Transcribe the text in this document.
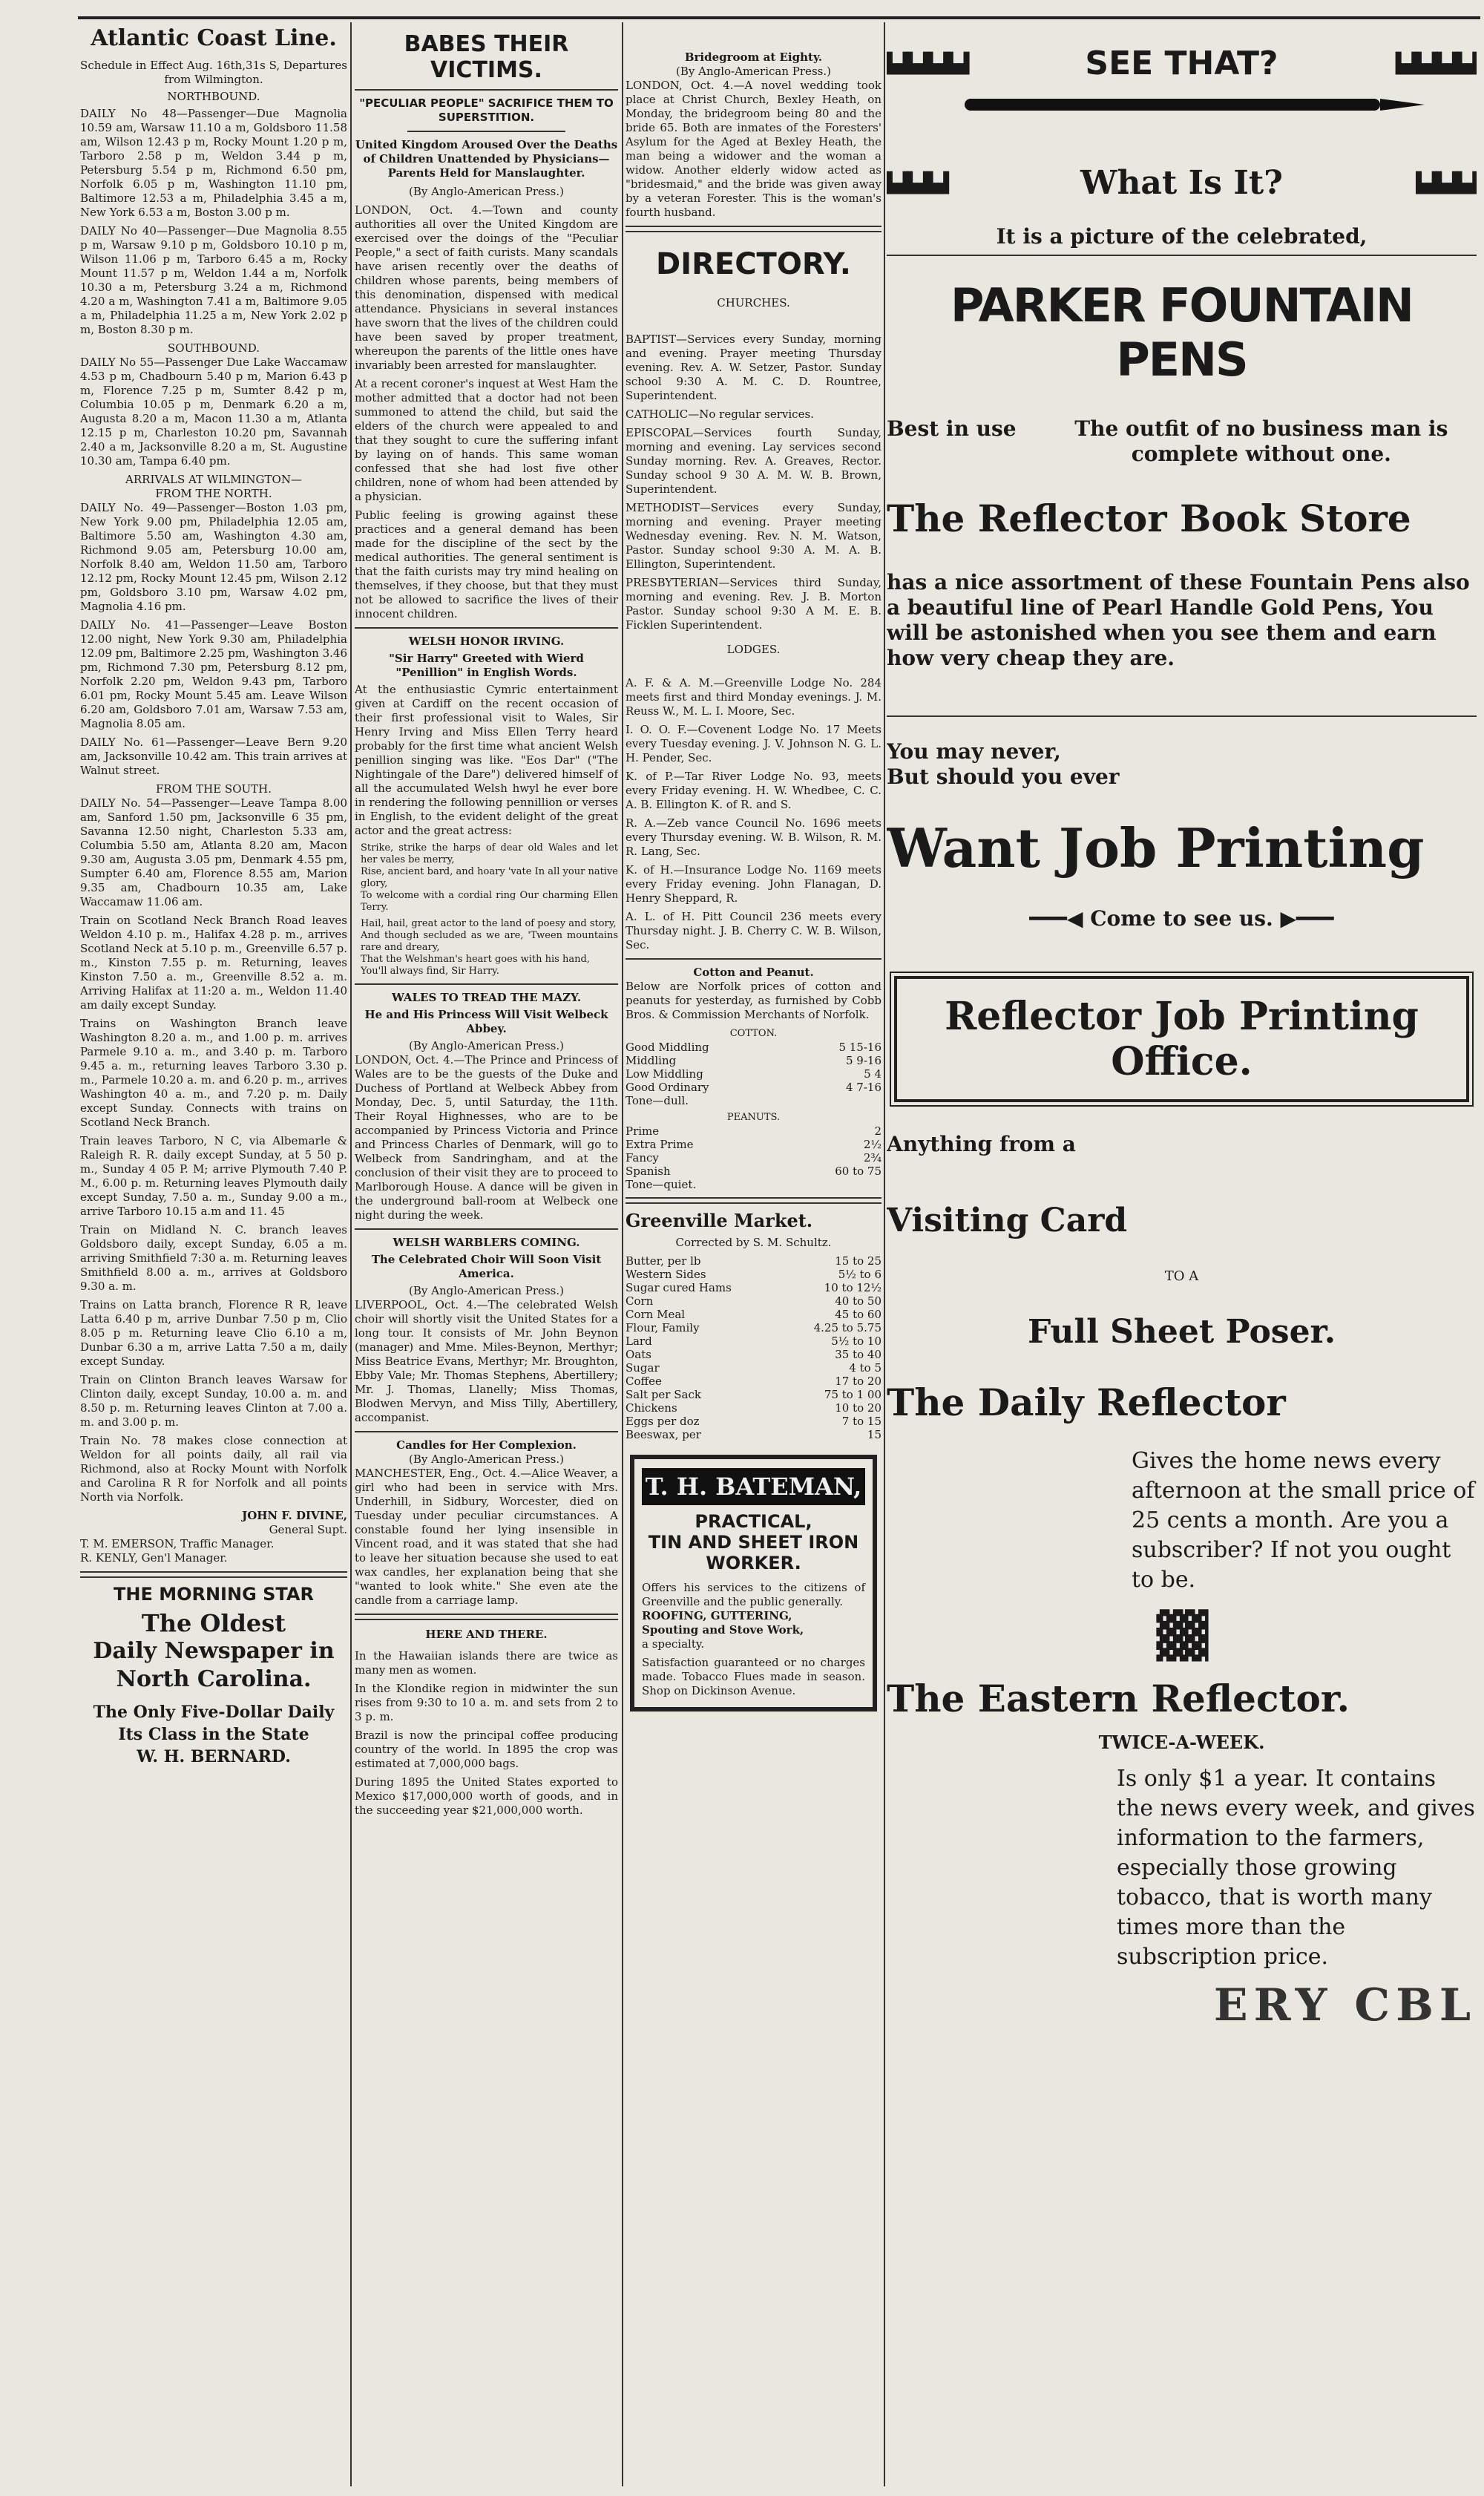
Atlantic Coast Line.
Schedule in Effect Aug. 16th,31s S, Departures from Wilmington.
NORTHBOUND.

DAILY No 48—Passenger—Due Magnolia 10.59 am, Warsaw 11.10 a m, Goldsboro 11.58 am, Wilson 12.43 p m, Rocky Mount 1.20 p m, Tarboro 2.58 p m, Weldon 3.44 p m, Petersburg 5.54 p m, Richmond 6.50 pm, Norfolk 6.05 p m, Washington 11.10 pm, Baltimore 12.53 a m, Philadelphia 3.45 a m, New York 6.53 a m, Boston 3.00 p m.

DAILY No 40—Passenger—Due Magnolia 8.55 p m, Warsaw 9.10 p m, Goldsboro 10.10 p m, Wilson 11.06 p m, Tarboro 6.45 a m, Rocky Mount 11.57 p m, Weldon 1.44 a m, Norfolk 10.30 a m, Petersburg 3.24 a m, Richmond 4.20 a m, Washington 7.41 a m, Baltimore 9.05 a m, Philadelphia 11.25 a m, New York 2.02 p m, Boston 8.30 p m.

SOUTHBOUND.

DAILY No 55—Passenger Due Lake Waccamaw 4.53 p m, Chadbourn 5.40 p m, Marion 6.43 p m, Florence 7.25 p m, Sumter 8.42 p m, Columbia 10.05 p m, Denmark 6.20 a m, Augusta 8.20 a m, Macon 11.30 a m, Atlanta 12.15 p m, Charleston 10.20 pm, Savannah 2.40 a m, Jacksonville 8.20 a m, St. Augustine 10.30 am, Tampa 6.40 pm.

ARRIVALS AT WILMINGTON—
FROM THE NORTH.

DAILY No. 49—Passenger—Boston 1.03 pm, New York 9.00 pm, Philadelphia 12.05 am, Baltimore 5.50 am, Washington 4.30 am, Richmond 9.05 am, Petersburg 10.00 am, Norfolk 8.40 am, Weldon 11.50 am, Tarboro 12.12 pm, Rocky Mount 12.45 pm, Wilson 2.12 pm, Goldsboro 3.10 pm, Warsaw 4.02 pm, Magnolia 4.16 pm.

DAILY No. 41—Passenger—Leave Boston 12.00 night, New York 9.30 am, Philadelphia 12.09 pm, Baltimore 2.25 pm, Washington 3.46 pm, Richmond 7.30 pm, Petersburg 8.12 pm, Norfolk 2.20 pm, Weldon 9.43 pm, Tarboro 6.01 pm, Rocky Mount 5.45 am. Leave Wilson 6.20 am, Goldsboro 7.01 am, Warsaw 7.53 am, Magnolia 8.05 am.

DAILY No. 61—Passenger—Leave Bern 9.20 am, Jacksonville 10.42 am. This train arrives at Walnut street.

FROM THE SOUTH.

DAILY No. 54—Passenger—Leave Tampa 8.00 am, Sanford 1.50 pm, Jacksonville 6 35 pm, Savanna 12.50 night, Charleston 5.33 am, Columbia 5.50 am, Atlanta 8.20 am, Macon 9.30 am, Augusta 3.05 pm, Denmark 4.55 pm, Sumpter 6.40 am, Florence 8.55 am, Marion 9.35 am, Chadbourn 10.35 am, Lake Waccamaw 11.06 am.

Train on Scotland Neck Branch Road leaves Weldon 4.10 p. m., Halifax 4.28 p. m., arrives Scotland Neck at 5.10 p. m., Greenville 6.57 p. m., Kinston 7.55 p. m. Returning, leaves Kinston 7.50 a. m., Greenville 8.52 a. m. Arriving Halifax at 11:20 a. m., Weldon 11.40 am daily except Sunday.

Trains on Washington Branch leave Washington 8.20 a. m., and 1.00 p. m. arrives Parmele 9.10 a. m., and 3.40 p. m. Tarboro 9.45 a. m., returning leaves Tarboro 3.30 p. m., Parmele 10.20 a. m. and 6.20 p. m., arrives Washington 40 a. m., and 7.20 p. m. Daily except Sunday. Connects with trains on Scotland Neck Branch.

Train leaves Tarboro, N C, via Albemarle & Raleigh R. R. daily except Sunday, at 5 50 p. m., Sunday 4 05 P. M; arrive Plymouth 7.40 P. M., 6.00 p. m. Returning leaves Plymouth daily except Sunday, 7.50 a. m., Sunday 9.00 a m., arrive Tarboro 10.15 a.m and 11. 45

Train on Midland N. C. branch leaves Goldsboro daily, except Sunday, 6.05 a m. arriving Smithfield 7:30 a. m. Returning leaves Smithfield 8.00 a. m., arrives at Goldsboro 9.30 a. m.

Trains on Latta branch, Florence R R, leave Latta 6.40 p m, arrive Dunbar 7.50 p m, Clio 8.05 p m. Returning leave Clio 6.10 a m, Dunbar 6.30 a m, arrive Latta 7.50 a m, daily except Sunday.

Train on Clinton Branch leaves Warsaw for Clinton daily, except Sunday, 10.00 a. m. and 8.50 p. m. Returning leaves Clinton at 7.00 a. m. and 3.00 p. m.

Train No. 78 makes close connection at Weldon for all points daily, all rail via Richmond, also at Rocky Mount with Norfolk and Carolina R R for Norfolk and all points North via Norfolk.

JOHN F. DIVINE,
General Supt.
T. M. EMERSON, Traffic Manager.
R. KENLY, Gen'l Manager.
THE MORNING STAR
The Oldest
Daily Newspaper in
North Carolina.
The Only Five-Dollar Daily
Its Class in the State
W. H. BERNARD.
BABES THEIR VICTIMS.
"PECULIAR PEOPLE" SACRIFICE THEM TO SUPERSTITION.
United Kingdom Aroused Over the Deaths of Children Unattended by Physicians—Parents Held for Manslaughter.
(By Anglo-American Press.)

LONDON, Oct. 4.—Town and county authorities all over the United Kingdom are exercised over the doings of the "Peculiar People," a sect of faith curists. Many scandals have arisen recently over the deaths of children whose parents, being members of this denomination, dispensed with medical attendance. Physicians in several instances have sworn that the lives of the children could have been saved by proper treatment, whereupon the parents of the little ones have invariably been arrested for manslaughter.

At a recent coroner's inquest at West Ham the mother admitted that a doctor had not been summoned to attend the child, but said the elders of the church were appealed to and that they sought to cure the suffering infant by laying on of hands. This same woman confessed that she had lost five other children, none of whom had been attended by a physician.

Public feeling is growing against these practices and a general demand has been made for the discipline of the sect by the medical authorities. The general sentiment is that the faith curists may try mind healing on themselves, if they choose, but that they must not be allowed to sacrifice the lives of their innocent children.

WELSH HONOR IRVING.
"Sir Harry" Greeted with Wierd "Penillion" in English Words.

At the enthusiastic Cymric entertainment given at Cardiff on the recent occasion of their first professional visit to Wales, Sir Henry Irving and Miss Ellen Terry heard probably for the first time what ancient Welsh penillion singing was like. "Eos Dar" ("The Nightingale of the Dare") delivered himself of all the accumulated Welsh hwyl he ever bore in rendering the following pennillion or verses in English, to the evident delight of the great actor and the great actress:

Strike, strike the harps of dear old Wales and let her vales be merry,
Rise, ancient bard, and hoary 'vate In all your native glory,
To welcome with a cordial ring Our charming Ellen Terry.
Hail, hail, great actor to the land of poesy and story,
And though secluded as we are, 'Tween mountains rare and dreary,
That the Welshman's heart goes with his hand,
You'll always find, Sir Harry.
WALES TO TREAD THE MAZY.
He and His Princess Will Visit Welbeck Abbey.
(By Anglo-American Press.)

LONDON, Oct. 4.—The Prince and Princess of Wales are to be the guests of the Duke and Duchess of Portland at Welbeck Abbey from Monday, Dec. 5, until Saturday, the 11th. Their Royal Highnesses, who are to be accompanied by Princess Victoria and Prince and Princess Charles of Denmark, will go to Welbeck from Sandringham, and at the conclusion of their visit they are to proceed to Marlborough House. A dance will be given in the underground ball-room at Welbeck one night during the week.

WELSH WARBLERS COMING.
The Celebrated Choir Will Soon Visit America.
(By Anglo-American Press.)

LIVERPOOL, Oct. 4.—The celebrated Welsh choir will shortly visit the United States for a long tour. It consists of Mr. John Beynon (manager) and Mme. Miles-Beynon, Merthyr; Miss Beatrice Evans, Merthyr; Mr. Broughton, Ebby Vale; Mr. Thomas Stephens, Abertillery; Mr. J. Thomas, Llanelly; Miss Thomas, Blodwen Mervyn, and Miss Tilly, Abertillery, accompanist.

Candles for Her Complexion.
(By Anglo-American Press.)

MANCHESTER, Eng., Oct. 4.—Alice Weaver, a girl who had been in service with Mrs. Underhill, in Sidbury, Worcester, died on Tuesday under peculiar circumstances. A constable found her lying insensible in Vincent road, and it was stated that she had to leave her situation because she used to eat wax candles, her explanation being that she "wanted to look white." She even ate the candle from a carriage lamp.

HERE AND THERE.

In the Hawaiian islands there are twice as many men as women.

In the Klondike region in midwinter the sun rises from 9:30 to 10 a. m. and sets from 2 to 3 p. m.

Brazil is now the principal coffee producing country of the world. In 1895 the crop was estimated at 7,000,000 bags.

During 1895 the United States exported to Mexico $17,000,000 worth of goods, and in the succeeding year $21,000,000 worth.

Bridegroom at Eighty.
(By Anglo-American Press.)

LONDON, Oct. 4.—A novel wedding took place at Christ Church, Bexley Heath, on Monday, the bridegroom being 80 and the bride 65. Both are inmates of the Foresters' Asylum for the Aged at Bexley Heath, the man being a widower and the woman a widow. Another elderly widow acted as "bridesmaid," and the bride was given away by a veteran Forester. This is the woman's fourth husband.

DIRECTORY.
CHURCHES.

BAPTIST—Services every Sunday, morning and evening. Prayer meeting Thursday evening. Rev. A. W. Setzer, Pastor. Sunday school 9:30 A. M. C. D. Rountree, Superintendent.

CATHOLIC—No regular services.

EPISCOPAL—Services fourth Sunday, morning and evening. Lay services second Sunday morning. Rev. A. Greaves, Rector. Sunday school 9 30 A. M. W. B. Brown, Superintendent.

METHODIST—Services every Sunday, morning and evening. Prayer meeting Wednesday evening. Rev. N. M. Watson, Pastor. Sunday school 9:30 A. M. A. B. Ellington, Superintendent.

PRESBYTERIAN—Services third Sunday, morning and evening. Rev. J. B. Morton Pastor. Sunday school 9:30 A M. E. B. Ficklen Superintendent.

LODGES.

A. F. & A. M.—Greenville Lodge No. 284 meets first and third Monday evenings. J. M. Reuss W., M. L. I. Moore, Sec.

I. O. O. F.—Covenent Lodge No. 17 Meets every Tuesday evening. J. V. Johnson N. G. L. H. Pender, Sec.

K. of P.—Tar River Lodge No. 93, meets every Friday evening. H. W. Whedbee, C. C. A. B. Ellington K. of R. and S.

R. A.—Zeb vance Council No. 1696 meets every Thursday evening. W. B. Wilson, R. M. R. Lang, Sec.

K. of H.—Insurance Lodge No. 1169 meets every Friday evening. John Flanagan, D. Henry Sheppard, R.

A. L. of H. Pitt Council 236 meets every Thursday night. J. B. Cherry C. W. B. Wilson, Sec.

Cotton and Peanut.

Below are Norfolk prices of cotton and peanuts for yesterday, as furnished by Cobb Bros. & Commission Merchants of Norfolk.

COTTON.
Good Middling	5 15-16
Middling	5 9-16
Low Middling	5 4
Good Ordinary	4 7-16
Tone—dull.	
PEANUTS.
Prime	2
Extra Prime	2½
Fancy	2¾
Spanish	60 to 75
Tone—quiet.	
Greenville Market.
Corrected by S. M. Schultz.
Butter, per lb	15 to 25
Western Sides	5½ to 6
Sugar cured Hams	10 to 12½
Corn	40 to 50
Corn Meal	45 to 60
Flour, Family	4.25 to 5.75
Lard	5½ to 10
Oats	35 to 40
Sugar	4 to 5
Coffee	17 to 20
Salt per Sack	75 to 1 00
Chickens	10 to 20
Eggs per doz	7 to 15
Beeswax, per	15
T. H. BATEMAN,
PRACTICAL,
TIN AND SHEET IRON
WORKER.
Offers his services to the citizens of Greenville and the public generally.
ROOFING, GUTTERING,
Spouting and Stove Work,
a specialty.
Satisfaction guaranteed or no charges made. Tobacco Flues made in season. Shop on Dickinson Avenue.
▙▟▙▟▙▟▙▟	SEE THAT?	▙▟▙▟▙▟▙▟
▙▟▙▟▙▟	What Is It?	▙▟▙▟▙▟
It is a picture of the celebrated,
PARKER FOUNTAIN PENS
Best in use	The outfit of no business man is complete without one.
The Reflector Book Store
has a nice assortment of these Fountain Pens also a beautiful line of Pearl Handle Gold Pens, You will be astonished when you see them and earn how very cheap they are.
You may never,
But should you ever
Want Job Printing
━━━◀ Come to see us. ▶━━━
Reflector Job Printing Office.
Anything from a
Visiting Card
TO A
Full Sheet Poser.
The Daily Reflector
Gives the home news every afternoon at the small price of 25 cents a month. Are you a subscriber? If not you ought to be.
▓▓
The Eastern Reflector.
TWICE-A-WEEK.
Is only $1 a year. It contains the news every week, and gives information to the farmers, especially those growing tobacco, that is worth many times more than the subscription price.
ERY CBL
